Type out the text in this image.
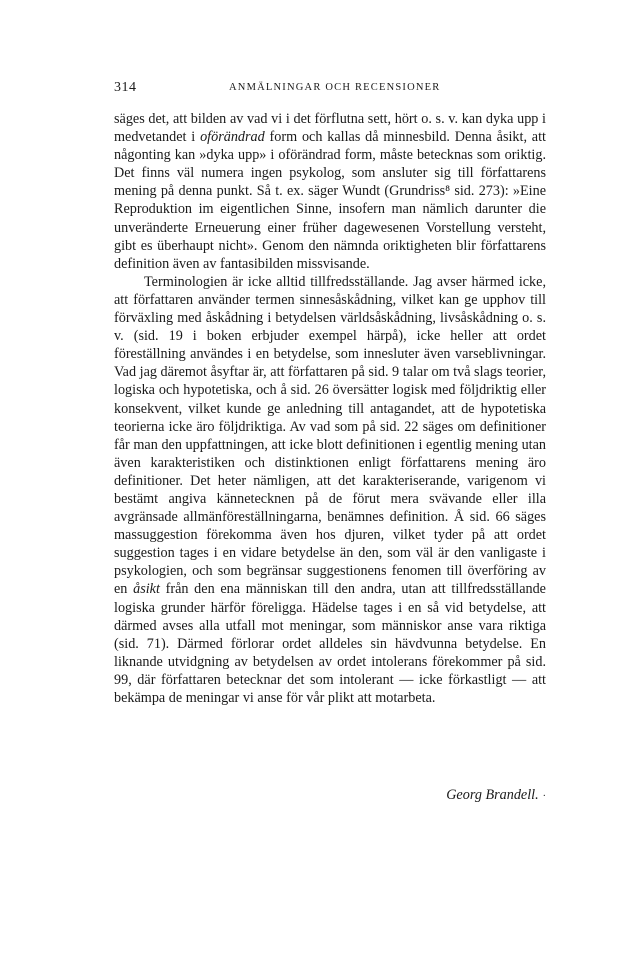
314	ANMÄLNINGAR OCH RECENSIONER

säges det, att bilden av vad vi i det förflutna sett, hört o. s. v. kan dyka upp i medvetandet i oförändrad form och kallas då minnesbild. Denna åsikt, att någonting kan »dyka upp» i oförändrad form, måste betecknas som oriktig. Det finns väl numera ingen psykolog, som ansluter sig till författarens mening på denna punkt. Så t. ex. säger Wundt (Grundriss⁸ sid. 273): »Eine Reproduktion im eigentlichen Sinne, insofern man nämlich darunter die unveränderte Erneuerung einer früher dagewesenen Vorstellung versteht, gibt es überhaupt nicht». Genom den nämnda oriktigheten blir författarens definition även av fantasibilden missvisande.

Terminologien är icke alltid tillfredsställande. Jag avser härmed icke, att författaren använder termen sinnesåskådning, vilket kan ge upphov till förväxling med åskådning i betydelsen världsåskådning, livsåskådning o. s. v. (sid. 19 i boken erbjuder exempel härpå), icke heller att ordet föreställning användes i en betydelse, som innesluter även varseblivningar. Vad jag däremot åsyftar är, att författaren på sid. 9 talar om två slags teorier, logiska och hypotetiska, och å sid. 26 översätter logisk med följdriktig eller konsekvent, vilket kunde ge anledning till antagandet, att de hypotetiska teorierna icke äro följdriktiga. Av vad som på sid. 22 säges om definitioner får man den uppfattningen, att icke blott definitionen i egentlig mening utan även karakteristiken och distinktionen enligt författarens mening äro definitioner. Det heter nämligen, att det karakteriserande, varigenom vi bestämt angiva kännetecknen på de förut mera svävande eller illa avgränsade allmänföreställningarna, benämnes definition. Å sid. 66 säges massuggestion förekomma även hos djuren, vilket tyder på att ordet suggestion tages i en vidare betydelse än den, som väl är den vanligaste i psykologien, och som begränsar suggestionens fenomen till överföring av en åsikt från den ena människan till den andra, utan att tillfredsställande logiska grunder härför föreligga. Hädelse tages i en så vid betydelse, att därmed avses alla utfall mot meningar, som människor anse vara riktiga (sid. 71). Därmed förlorar ordet alldeles sin hävdvunna betydelse. En liknande utvidgning av betydelsen av ordet intolerans förekommer på sid. 99, där författaren betecknar det som intolerant — icke förkastligt — att bekämpa de meningar vi anse för vår plikt att motarbeta.

Georg Brandell. ·
